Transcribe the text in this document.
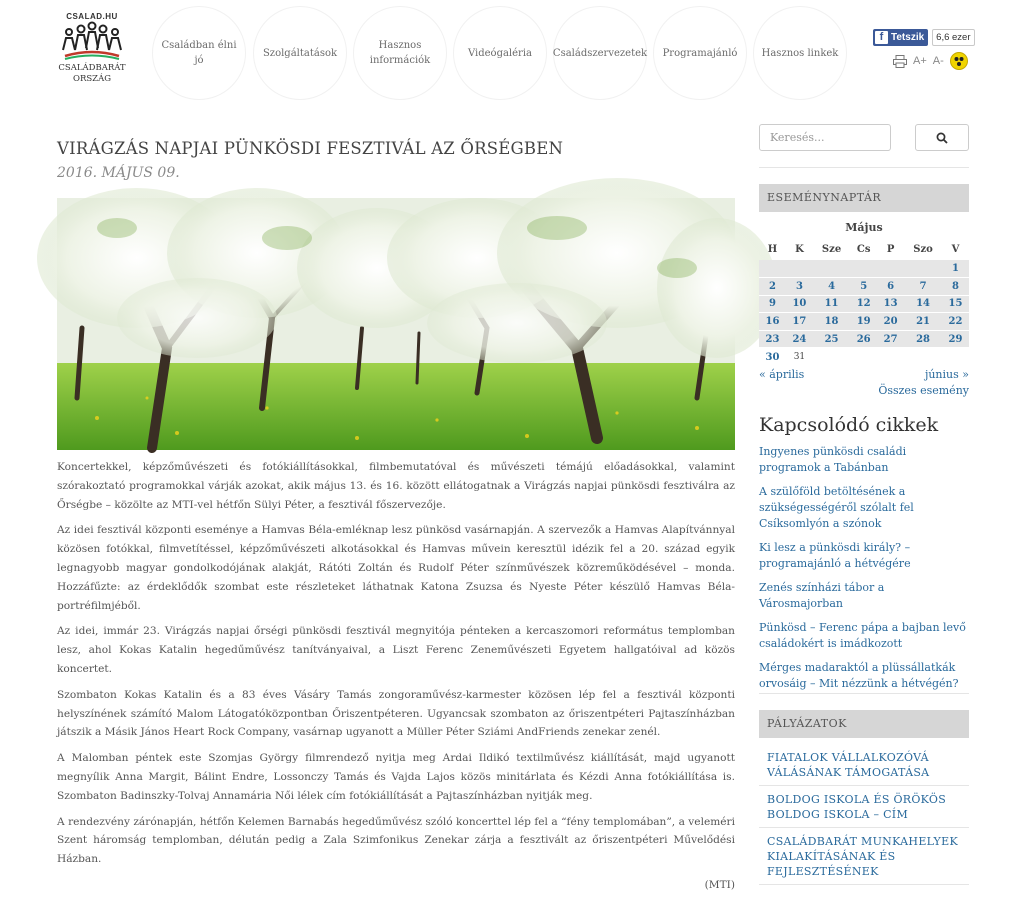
CSALAD.HU
CSALÁDBARÁT
ORSZÁG
Családban élni jó
Szolgáltatások
Hasznos információk
Videógaléria	Családszervezetek	Programajánló	Hasznos linkek
f Tetszik	6,6 ezer
A+ A-
VIRÁGZÁS NAPJAI PÜNKÖSDI FESZTIVÁL AZ ŐRSÉGBEN
2016. MÁJUS 09.

Koncertekkel, képzőművészeti és fotókiállításokkal, filmbemutatóval és művészeti témájú előadásokkal, valamint szórakoztató programokkal várják azokat, akik május 13. és 16. között ellátogatnak a Virágzás napjai pünkösdi fesztiválra az Őrségbe – közölte az MTI-vel hétfőn Sülyi Péter, a fesztivál főszervezője.

Az idei fesztivál központi eseménye a Hamvas Béla-emléknap lesz pünkösd vasárnapján. A szervezők a Hamvas Alapítvánnyal közösen fotókkal, filmvetítéssel, képzőművészeti alkotásokkal és Hamvas művein keresztül idézik fel a 20. század egyik legnagyobb magyar gondolkodójának alakját, Rátóti Zoltán és Rudolf Péter színművészek közreműködésével – monda. Hozzáfűzte: az érdeklődők szombat este részleteket láthatnak Katona Zsuzsa és Nyeste Péter készülő Hamvas Béla-portréfilmjéből.

Az idei, immár 23. Virágzás napjai őrségi pünkösdi fesztivál megnyitója pénteken a kercaszomori református templomban lesz, ahol Kokas Katalin hegedűművész tanítványaival, a Liszt Ferenc Zeneművészeti Egyetem hallgatóival ad közös koncertet.

Szombaton Kokas Katalin és a 83 éves Vásáry Tamás zongoraművész-karmester közösen lép fel a fesztivál központi helyszínének számító Malom Látogatóközpontban Őriszentpéteren. Ugyancsak szombaton az őriszentpéteri Pajtaszínházban játszik a Másik János Heart Rock Company, vasárnap ugyanott a Müller Péter Sziámi AndFriends zenekar zenél.

A Malomban péntek este Szomjas György filmrendező nyitja meg Ardai Ildikó textilművész kiállítását, majd ugyanott megnyílik Anna Margit, Bálint Endre, Lossonczy Tamás és Vajda Lajos közös minitárlata és Kézdi Anna fotókiállítása is. Szombaton Badinszky-Tolvaj Annamária Női lélek cím fotókiállítását a Pajtaszínházban nyitják meg.

A rendezvény zárónapján, hétfőn Kelemen Barnabás hegedűművész szóló koncerttel lép fel a “fény templomában”, a veleméri Szent háromság templomban, délután pedig a Zala Szimfonikus Zenekar zárja a fesztivált az őriszentpéteri Művelődési Házban.

(MTI)

Keresés...
ESEMÉNYNAPTÁR
Május
H	K	Sze	Cs	P	Szo	V
						1
2	3	4	5	6	7	8
9	10	11	12	13	14	15
16	17	18	19	20	21	22
23	24	25	26	27	28	29
30	31					
« április	június »
Összes esemény
Kapcsolódó cikkek
Ingyenes pünkösdi családi programok a Tabánban
A szülőföld betöltésének a szükségességéről szólalt fel Csíksomlyón a szónok
Ki lesz a pünkösdi király? – programajánló a hétvégére
Zenés színházi tábor a Városmajorban
Pünkösd – Ferenc pápa a bajban levő családokért is imádkozott
Mérges madaraktól a plüssállatkák orvosáig – Mit nézzünk a hétvégén?
PÁLYÁZATOK
FIATALOK VÁLLALKOZÓVÁ VÁLÁSÁNAK TÁMOGATÁSA
BOLDOG ISKOLA ÉS ÖRÖKÖS BOLDOG ISKOLA – CÍM
CSALÁDBARÁT MUNKAHELYEK KIALAKÍTÁSÁNAK ÉS FEJLESZTÉSÉNEK
